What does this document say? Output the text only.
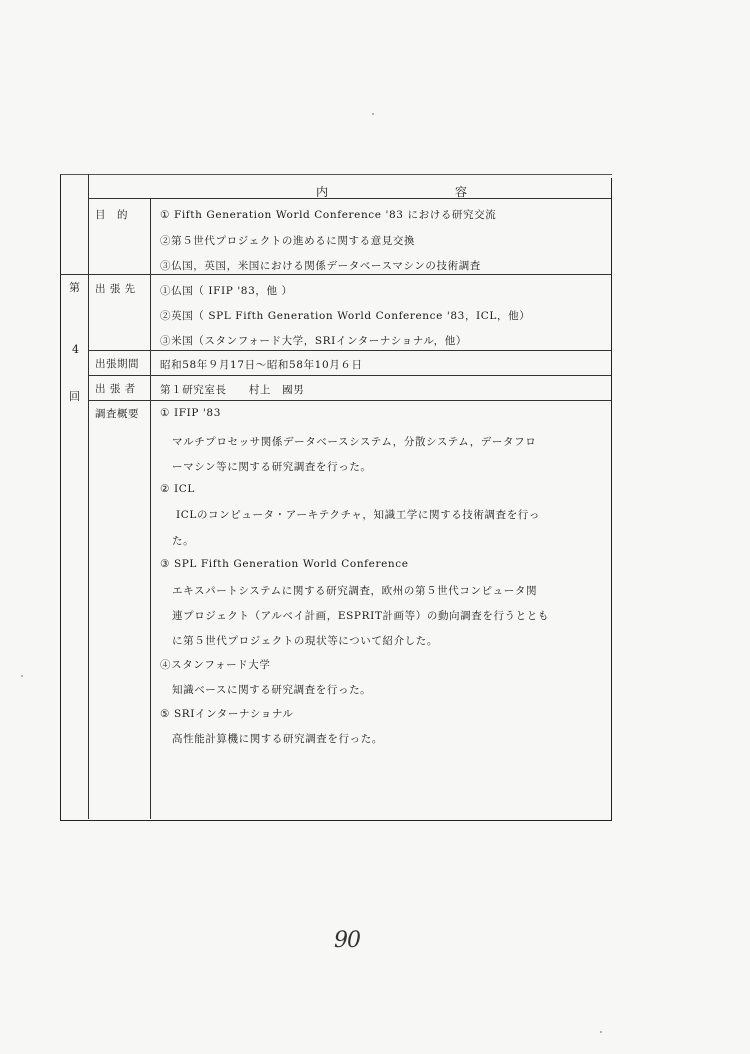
内	容
第
4
回
目　的
出 張 先
出張期間
出 張 者
調査概要
① Fifth Generation World Conference '83 における研究交流
②第５世代プロジェクトの進めるに関する意見交換
③仏国，英国，米国における関係データベースマシンの技術調査
①仏国（ IFIP '83，他 ）
②英国（ SPL Fifth Generation World Conference '83，ICL，他）
③米国（スタンフォード大学，SRIインターナショナル，他）
昭和58年９月17日～昭和58年10月６日
第１研究室長　　村上　國男
① IFIP '83
マルチプロセッサ関係データベースシステム，分散システム，データフロ
ーマシン等に関する研究調査を行った。
② ICL
ICLのコンピュータ・アーキテクチャ，知識工学に関する技術調査を行っ
た。
③ SPL Fifth Generation World Conference
エキスパートシステムに関する研究調査，欧州の第５世代コンピュータ関
連プロジェクト（アルベイ計画，ESPRIT計画等）の動向調査を行うととも
に第５世代プロジェクトの現状等について紹介した。
④スタンフォード大学
知識ベースに関する研究調査を行った。
⑤ SRIインターナショナル
高性能計算機に関する研究調査を行った。
90
